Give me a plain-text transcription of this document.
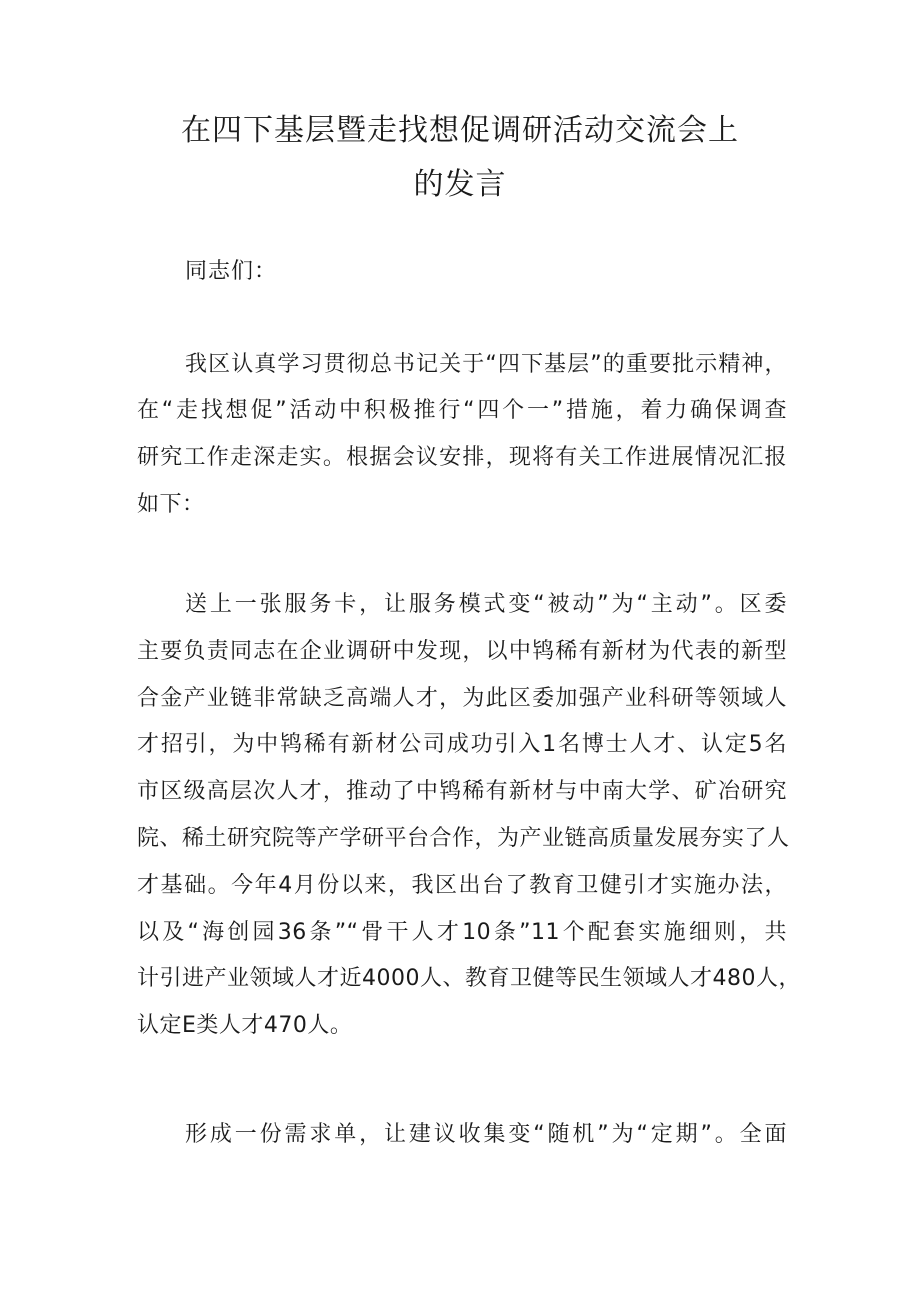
在四下基层暨走找想促调研活动交流会上
的发言
同志们：
我区认真学习贯彻总书记关于“四下基层”的重要批示精神，
在“走找想促”活动中积极推行“四个一”措施，着力确保调查
研究工作走深走实。根据会议安排，现将有关工作进展情况汇报
如下：
送上一张服务卡，让服务模式变“被动”为“主动”。区委
主要负责同志在企业调研中发现，以中鸨稀有新材为代表的新型
合金产业链非常缺乏高端人才，为此区委加强产业科研等领域人
才招引，为中鸨稀有新材公司成功引入1名博士人才、认定5名
市区级高层次人才，推动了中鸨稀有新材与中南大学、矿冶研究
院、稀土研究院等产学研平台合作，为产业链高质量发展夯实了人
才基础。今年4月份以来，我区出台了教育卫健引才实施办法，
以及“海创园36条”“骨干人才10条”11个配套实施细则，共
计引进产业领域人才近4000人、教育卫健等民生领域人才480人，
认定E类人才470人。
形成一份需求单，让建议收集变“随机”为“定期”。全面
